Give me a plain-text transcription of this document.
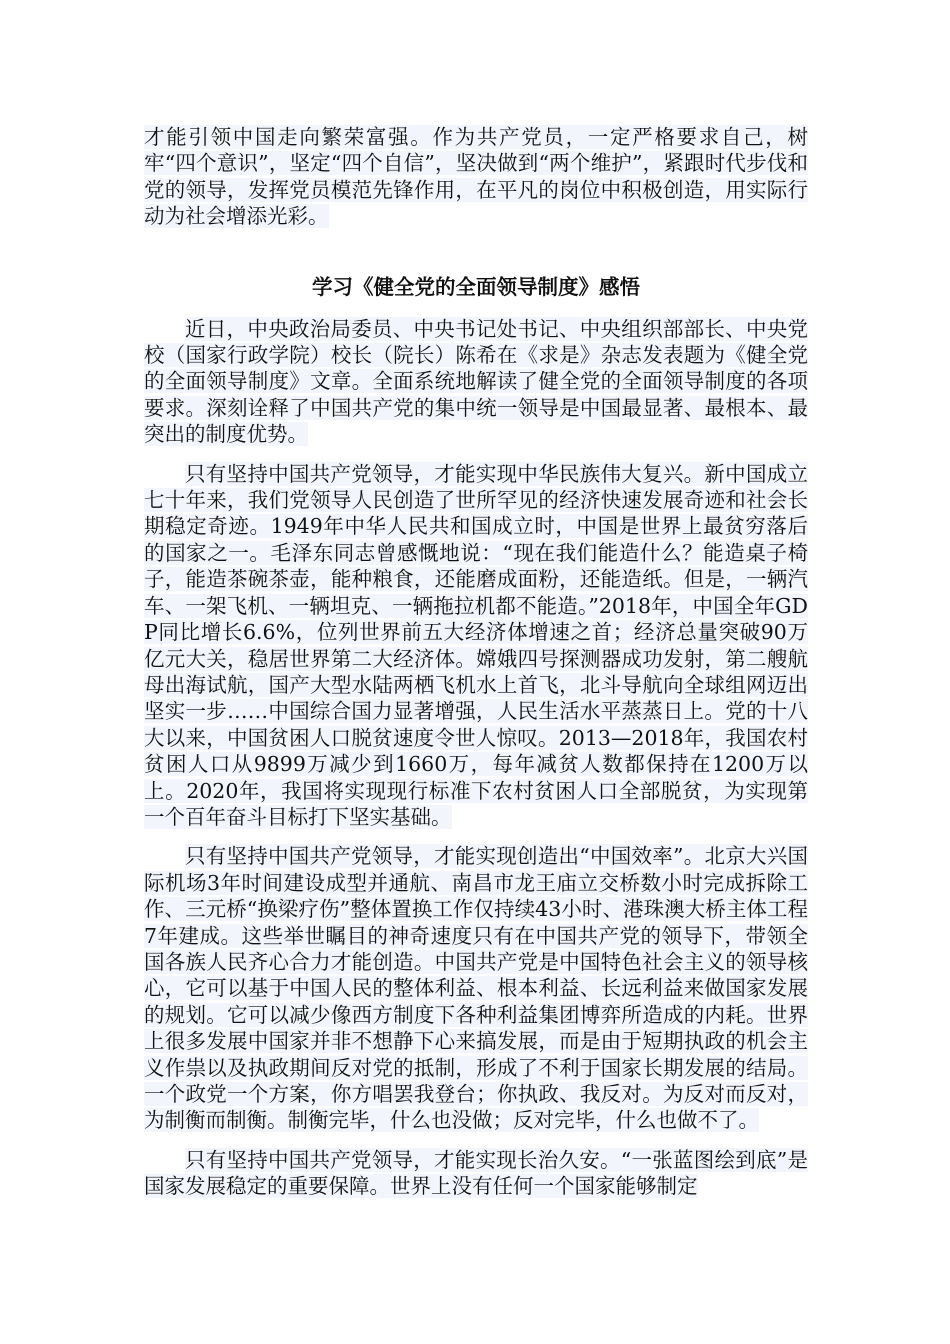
才能引领中国走向繁荣富强。作为共产党员，一定严格要求自己，树牢“四个意识”，坚定“四个自信”，坚决做到“两个维护”，紧跟时代步伐和党的领导，发挥党员模范先锋作用，在平凡的岗位中积极创造，用实际行动为社会增添光彩。

学习《健全党的全面领导制度》感悟

近日，中央政治局委员、中央书记处书记、中央组织部部长、中央党校（国家行政学院）校长（院长）陈希在《求是》杂志发表题为《健全党的全面领导制度》文章。全面系统地解读了健全党的全面领导制度的各项要求。深刻诠释了中国共产党的集中统一领导是中国最显著、最根本、最突出的制度优势。

只有坚持中国共产党领导，才能实现中华民族伟大复兴。新中国成立七十年来，我们党领导人民创造了世所罕见的经济快速发展奇迹和社会长期稳定奇迹。1949年中华人民共和国成立时，中国是世界上最贫穷落后的国家之一。毛泽东同志曾感慨地说：“现在我们能造什么？能造桌子椅子，能造茶碗茶壶，能种粮食，还能磨成面粉，还能造纸。但是，一辆汽车、一架飞机、一辆坦克、一辆拖拉机都不能造。”2018年，中国全年GDP同比增长6.6%，位列世界前五大经济体增速之首；经济总量突破90万亿元大关，稳居世界第二大经济体。嫦娥四号探测器成功发射，第二艘航母出海试航，国产大型水陆两栖飞机水上首飞，北斗导航向全球组网迈出坚实一步……中国综合国力显著增强，人民生活水平蒸蒸日上。党的十八大以来，中国贫困人口脱贫速度令世人惊叹。2013—2018年，我国农村贫困人口从9899万减少到1660万，每年减贫人数都保持在1200万以上。2020年，我国将实现现行标准下农村贫困人口全部脱贫，为实现第一个百年奋斗目标打下坚实基础。

只有坚持中国共产党领导，才能实现创造出“中国效率”。北京大兴国际机场3年时间建设成型并通航、南昌市龙王庙立交桥数小时完成拆除工作、三元桥“换梁疗伤”整体置换工作仅持续43小时、港珠澳大桥主体工程7年建成。这些举世瞩目的神奇速度只有在中国共产党的领导下，带领全国各族人民齐心合力才能创造。中国共产党是中国特色社会主义的领导核心，它可以基于中国人民的整体利益、根本利益、长远利益来做国家发展的规划。它可以减少像西方制度下各种利益集团博弈所造成的内耗。世界上很多发展中国家并非不想静下心来搞发展，而是由于短期执政的机会主义作祟以及执政期间反对党的抵制，形成了不利于国家长期发展的结局。一个政党一个方案，你方唱罢我登台；你执政、我反对。为反对而反对，为制衡而制衡。制衡完毕，什么也没做；反对完毕，什么也做不了。

只有坚持中国共产党领导，才能实现长治久安。“一张蓝图绘到底”是国家发展稳定的重要保障。世界上没有任何一个国家能够制定
